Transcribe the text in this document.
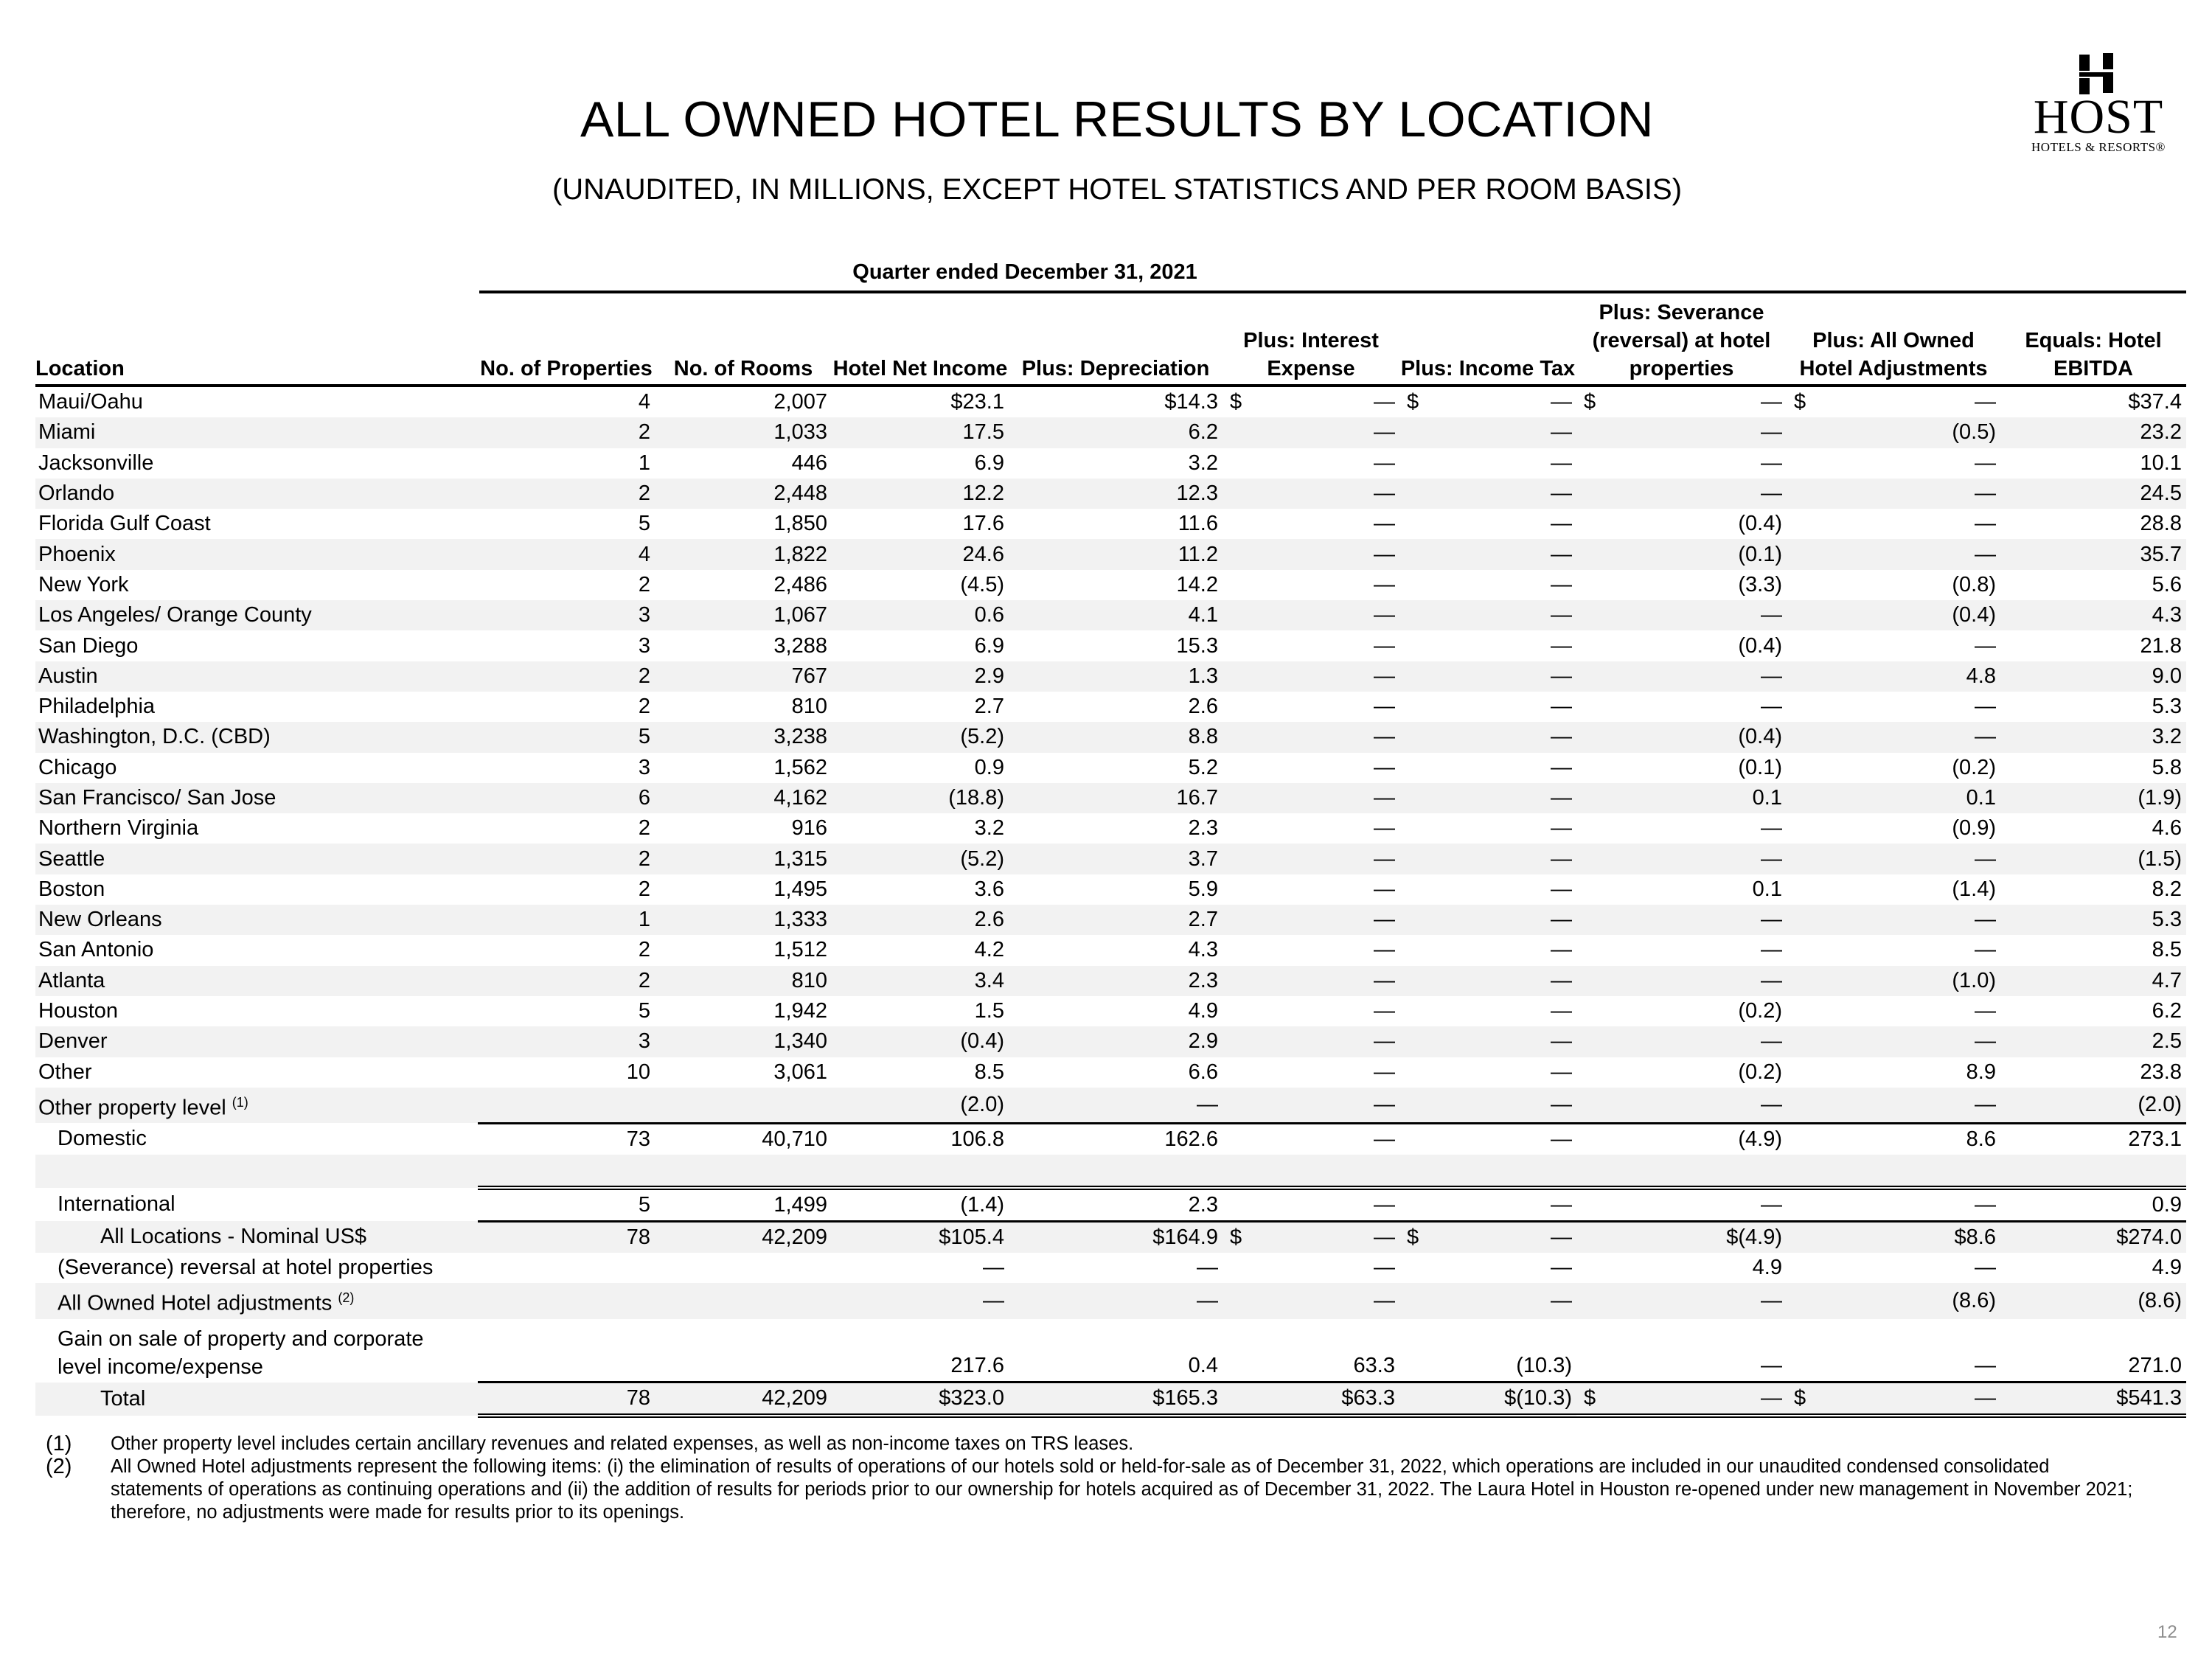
ALL OWNED HOTEL RESULTS BY LOCATION
(UNAUDITED, IN MILLIONS, EXCEPT HOTEL STATISTICS AND PER ROOM BASIS)
HOST
HOTELS & RESORTS®
Quarter ended December 31, 2021
Location	No. of Properties	No. of Rooms	Hotel Net Income	Plus: Depreciation	Plus: Interest Expense	Plus: Income Tax	Plus: Severance (reversal) at hotel properties	Plus: All Owned Hotel Adjustments	Equals: Hotel EBITDA
Maui/Oahu	4	2,007	$23.1	$14.3	$ —	$ —	$ —	$ —	$37.4
Miami	2	1,033	17.5	6.2	—	—	—	(0.5)	23.2
Jacksonville	1	446	6.9	3.2	—	—	—	—	10.1
Orlando	2	2,448	12.2	12.3	—	—	—	—	24.5
Florida Gulf Coast	5	1,850	17.6	11.6	—	—	(0.4)	—	28.8
Phoenix	4	1,822	24.6	11.2	—	—	(0.1)	—	35.7
New York	2	2,486	(4.5)	14.2	—	—	(3.3)	(0.8)	5.6
Los Angeles/ Orange County	3	1,067	0.6	4.1	—	—	—	(0.4)	4.3
San Diego	3	3,288	6.9	15.3	—	—	(0.4)	—	21.8
Austin	2	767	2.9	1.3	—	—	—	4.8	9.0
Philadelphia	2	810	2.7	2.6	—	—	—	—	5.3
Washington, D.C. (CBD)	5	3,238	(5.2)	8.8	—	—	(0.4)	—	3.2
Chicago	3	1,562	0.9	5.2	—	—	(0.1)	(0.2)	5.8
San Francisco/ San Jose	6	4,162	(18.8)	16.7	—	—	0.1	0.1	(1.9)
Northern Virginia	2	916	3.2	2.3	—	—	—	(0.9)	4.6
Seattle	2	1,315	(5.2)	3.7	—	—	—	—	(1.5)
Boston	2	1,495	3.6	5.9	—	—	0.1	(1.4)	8.2
New Orleans	1	1,333	2.6	2.7	—	—	—	—	5.3
San Antonio	2	1,512	4.2	4.3	—	—	—	—	8.5
Atlanta	2	810	3.4	2.3	—	—	—	(1.0)	4.7
Houston	5	1,942	1.5	4.9	—	—	(0.2)	—	6.2
Denver	3	1,340	(0.4)	2.9	—	—	—	—	2.5
Other	10	3,061	8.5	6.6	—	—	(0.2)	8.9	23.8
Other property level $^{(1)}$			(2.0)	—	—	—	—	—	(2.0)
Domestic	73	40,710	106.8	162.6	—	—	(4.9)	8.6	273.1

International	5	1,499	(1.4)	2.3	—	—	—	—	0.9
All Locations - Nominal US$	78	42,209	$105.4	$164.9	$ —	$ —	$(4.9)	$8.6	$274.0
(Severance) reversal at hotel properties			—	—	—	—	4.9	—	4.9
All Owned Hotel adjustments $^{(2)}$			—	—	—	—	—	(8.6)	(8.6)

Gain on sale of property and corporate
level income/expense			217.6	0.4	63.3	(10.3)	—	—	271.0
Total	78	42,209	$323.0	$165.3	$63.3	$(10.3)	$ —	$ —	$541.3
(1) Other property level includes certain ancillary revenues and related expenses, as well as non-income taxes on TRS leases.
(2) All Owned Hotel adjustments represent the following items: (i) the elimination of results of operations of our hotels sold or held-for-sale as of December 31, 2022, which operations are included in our unaudited condensed consolidated statements of operations as continuing operations and (ii) the addition of results for periods prior to our ownership for hotels acquired as of December 31, 2022. The Laura Hotel in Houston re-opened under new management in November 2021; therefore, no adjustments were made for results prior to its openings.
12
